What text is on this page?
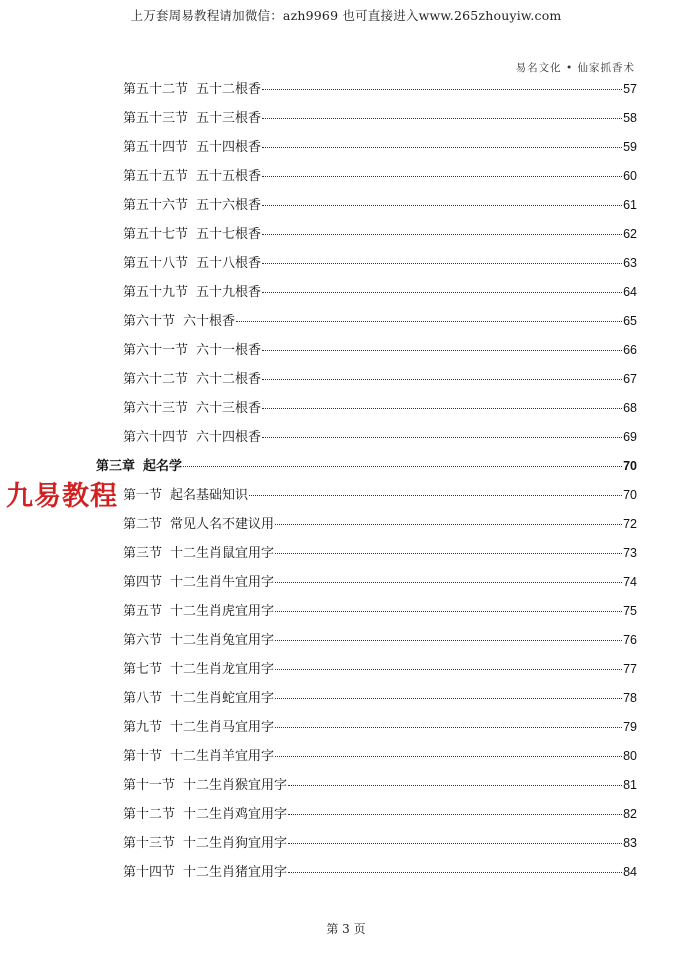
上万套周易教程请加微信：azh9969 也可直接进入www.265zhouyiw.com
易名文化 • 仙家抓香术
第五十二节 五十二根香	57
第五十三节 五十三根香	58
第五十四节 五十四根香	59
第五十五节 五十五根香	60
第五十六节 五十六根香	61
第五十七节 五十七根香	62
第五十八节 五十八根香	63
第五十九节 五十九根香	64
第六十节 六十根香	65
第六十一节 六十一根香	66
第六十二节 六十二根香	67
第六十三节 六十三根香	68
第六十四节 六十四根香	69
第三章 起名学	70
第一节 起名基础知识	70
第二节 常见人名不建议用	72
第三节 十二生肖鼠宜用字	73
第四节 十二生肖牛宜用字	74
第五节 十二生肖虎宜用字	75
第六节 十二生肖兔宜用字	76
第七节 十二生肖龙宜用字	77
第八节 十二生肖蛇宜用字	78
第九节 十二生肖马宜用字	79
第十节 十二生肖羊宜用字	80
第十一节 十二生肖猴宜用字	81
第十二节 十二生肖鸡宜用字	82
第十三节 十二生肖狗宜用字	83
第十四节 十二生肖猪宜用字	84
九易教程
第 3 页
